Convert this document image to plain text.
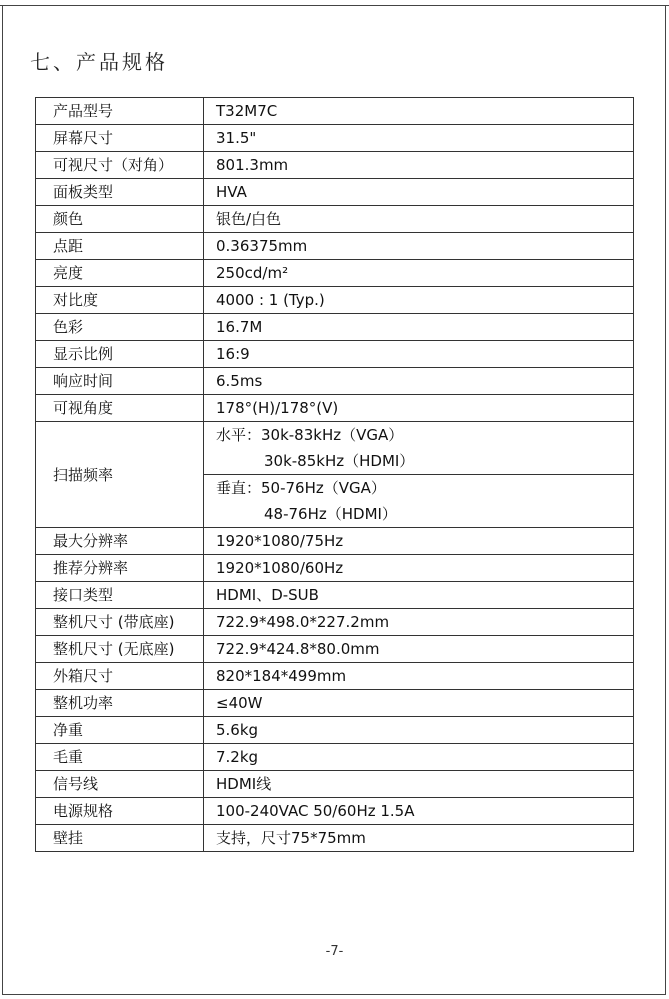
七、产品规格
产品型号	T32M7C
屏幕尺寸	31.5"
可视尺寸（对角）	801.3mm
面板类型	HVA
颜色	银色/白色
点距	0.36375mm
亮度	250cd/m²
对比度	4000 : 1 (Typ.)
色彩	16.7M
显示比例	16:9
响应时间	6.5ms
可视角度	178°(H)/178°(V)
扫描频率	水平：30k-83kHz（VGA）
30k-85kHz（HDMI）

	垂直：50-76Hz（VGA）
48-76Hz（HDMI）

最大分辨率	1920*1080/75Hz
推荐分辨率	1920*1080/60Hz
接口类型	HDMI、D-SUB
整机尺寸 (带底座)	722.9*498.0*227.2mm
整机尺寸 (无底座)	722.9*424.8*80.0mm
外箱尺寸	820*184*499mm
整机功率	≤40W
净重	5.6kg
毛重	7.2kg
信号线	HDMI线
电源规格	100-240VAC 50/60Hz 1.5A
壁挂	支持，尺寸75*75mm
-7-
